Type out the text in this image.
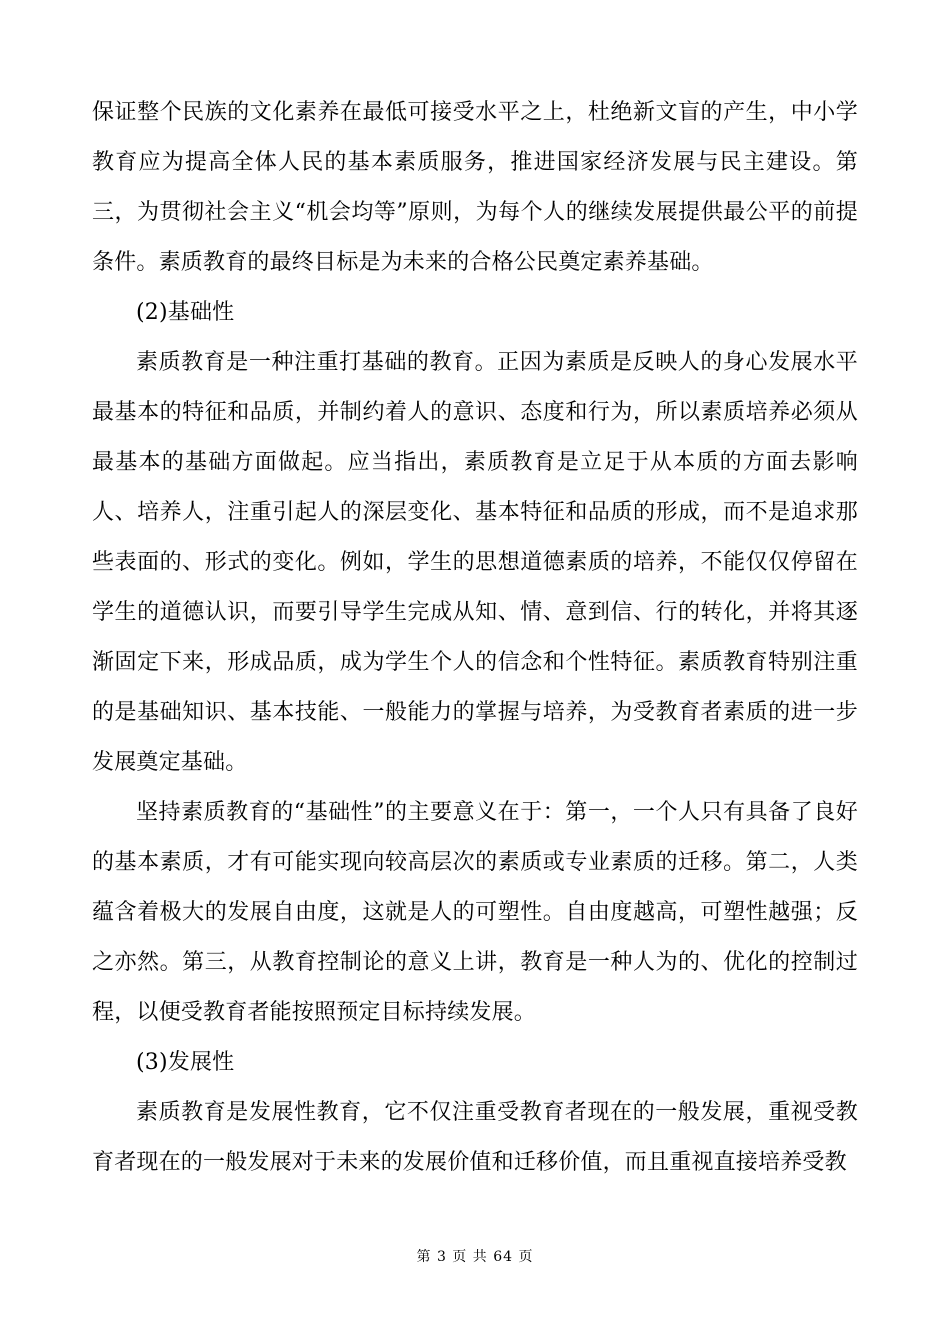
保证整个民族的文化素养在最低可接受水平之上，杜绝新文盲的产生，中小学教育应为提高全体人民的基本素质服务，推进国家经济发展与民主建设。第三，为贯彻社会主义“机会均等”原则，为每个人的继续发展提供最公平的前提条件。素质教育的最终目标是为未来的合格公民奠定素养基础。

(2)基础性

素质教育是一种注重打基础的教育。正因为素质是反映人的身心发展水平最基本的特征和品质，并制约着人的意识、态度和行为，所以素质培养必须从最基本的基础方面做起。应当指出，素质教育是立足于从本质的方面去影响人、培养人，注重引起人的深层变化、基本特征和品质的形成，而不是追求那些表面的、形式的变化。例如，学生的思想道德素质的培养，不能仅仅停留在学生的道德认识，而要引导学生完成从知、情、意到信、行的转化，并将其逐渐固定下来，形成品质，成为学生个人的信念和个性特征。素质教育特别注重的是基础知识、基本技能、一般能力的掌握与培养，为受教育者素质的进一步发展奠定基础。

坚持素质教育的“基础性”的主要意义在于：第一，一个人只有具备了良好的基本素质，才有可能实现向较高层次的素质或专业素质的迁移。第二，人类蕴含着极大的发展自由度，这就是人的可塑性。自由度越高，可塑性越强；反之亦然。第三，从教育控制论的意义上讲，教育是一种人为的、优化的控制过程，以便受教育者能按照预定目标持续发展。

(3)发展性

素质教育是发展性教育，它不仅注重受教育者现在的一般发展，重视受教育者现在的一般发展对于未来的发展价值和迁移价值，而且重视直接培养受教

第 3 页 共 64 页
